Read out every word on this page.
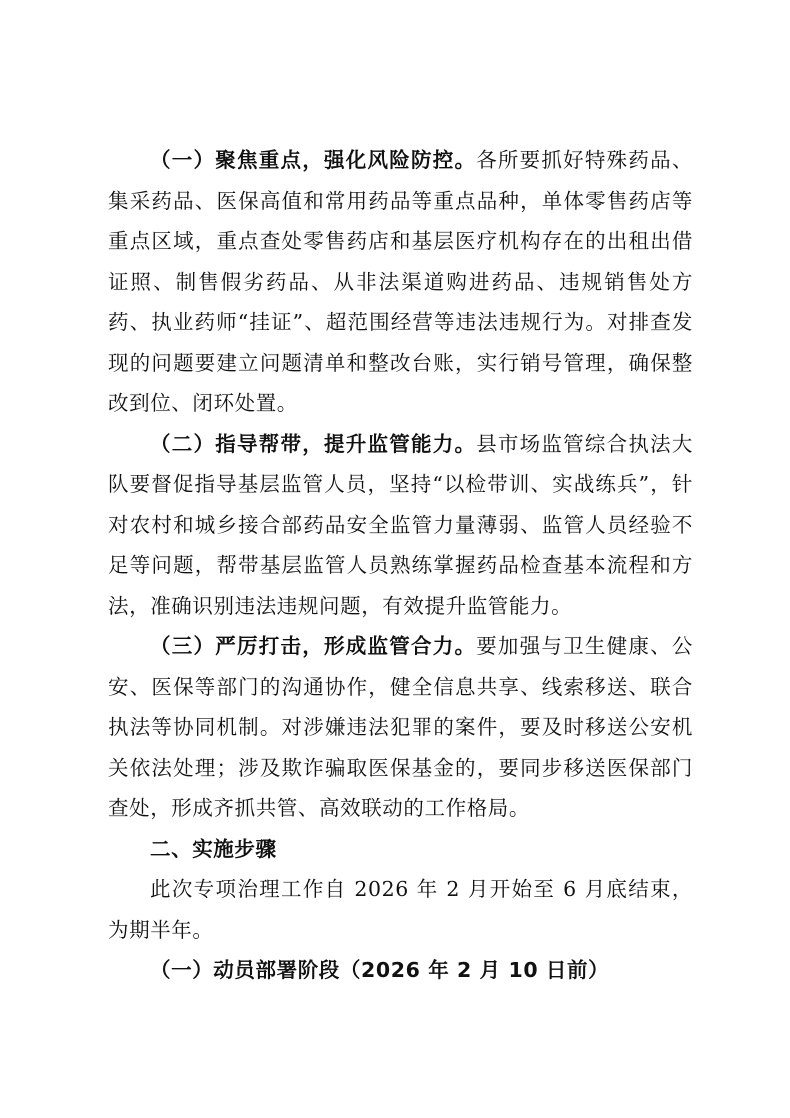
（一）聚焦重点，强化风险防控。各所要抓好特殊药品、集采药品、医保高值和常用药品等重点品种，单体零售药店等重点区域，重点查处零售药店和基层医疗机构存在的出租出借证照、制售假劣药品、从非法渠道购进药品、违规销售处方药、执业药师“挂证”、超范围经营等违法违规行为。对排查发现的问题要建立问题清单和整改台账，实行销号管理，确保整改到位、闭环处置。

（二）指导帮带，提升监管能力。县市场监管综合执法大队要督促指导基层监管人员，坚持“以检带训、实战练兵”，针对农村和城乡接合部药品安全监管力量薄弱、监管人员经验不足等问题，帮带基层监管人员熟练掌握药品检查基本流程和方法，准确识别违法违规问题，有效提升监管能力。

（三）严厉打击，形成监管合力。要加强与卫生健康、公安、医保等部门的沟通协作，健全信息共享、线索移送、联合执法等协同机制。对涉嫌违法犯罪的案件，要及时移送公安机关依法处理；涉及欺诈骗取医保基金的，要同步移送医保部门查处，形成齐抓共管、高效联动的工作格局。

二、实施步骤

此次专项治理工作自 2026 年 2 月开始至 6 月底结束，为期半年。

（一）动员部署阶段（2026 年 2 月 10 日前）
